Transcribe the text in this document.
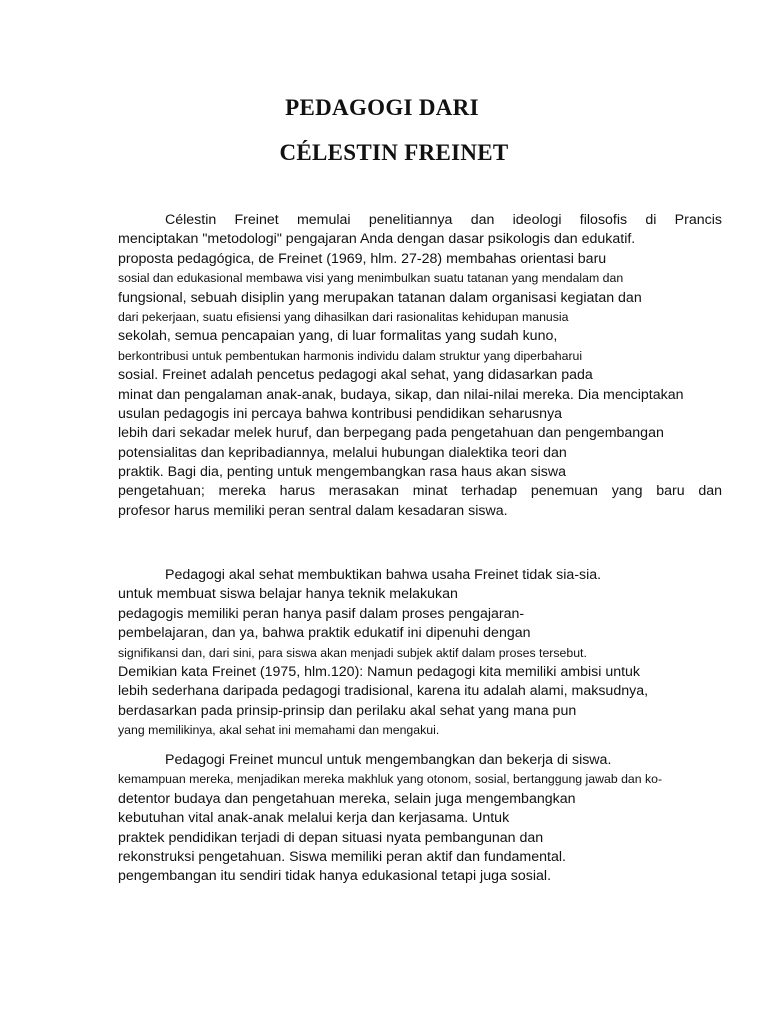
PEDAGOGI DARI
CÉLESTIN FREINET
Célestin Freinet memulai penelitiannya dan ideologi filosofis di Prancis
menciptakan "metodologi" pengajaran Anda dengan dasar psikologis dan edukatif.
proposta pedagógica, de Freinet (1969, hlm. 27-28) membahas orientasi baru
sosial dan edukasional membawa visi yang menimbulkan suatu tatanan yang mendalam dan
fungsional, sebuah disiplin yang merupakan tatanan dalam organisasi kegiatan dan
dari pekerjaan, suatu efisiensi yang dihasilkan dari rasionalitas kehidupan manusia
sekolah, semua pencapaian yang, di luar formalitas yang sudah kuno,
berkontribusi untuk pembentukan harmonis individu dalam struktur yang diperbaharui
sosial. Freinet adalah pencetus pedagogi akal sehat, yang didasarkan pada
minat dan pengalaman anak-anak, budaya, sikap, dan nilai-nilai mereka. Dia menciptakan
usulan pedagogis ini percaya bahwa kontribusi pendidikan seharusnya
lebih dari sekadar melek huruf, dan berpegang pada pengetahuan dan pengembangan
potensialitas dan kepribadiannya, melalui hubungan dialektika teori dan
praktik. Bagi dia, penting untuk mengembangkan rasa haus akan siswa
pengetahuan; mereka harus merasakan minat terhadap penemuan yang baru dan
profesor harus memiliki peran sentral dalam kesadaran siswa.
Pedagogi akal sehat membuktikan bahwa usaha Freinet tidak sia-sia.
untuk membuat siswa belajar hanya teknik melakukan
pedagogis memiliki peran hanya pasif dalam proses pengajaran-
pembelajaran, dan ya, bahwa praktik edukatif ini dipenuhi dengan
signifikansi dan, dari sini, para siswa akan menjadi subjek aktif dalam proses tersebut.
Demikian kata Freinet (1975, hlm.120): Namun pedagogi kita memiliki ambisi untuk
lebih sederhana daripada pedagogi tradisional, karena itu adalah alami, maksudnya,
berdasarkan pada prinsip-prinsip dan perilaku akal sehat yang mana pun
yang memilikinya, akal sehat ini memahami dan mengakui.
Pedagogi Freinet muncul untuk mengembangkan dan bekerja di siswa.
kemampuan mereka, menjadikan mereka makhluk yang otonom, sosial, bertanggung jawab dan ko-
detentor budaya dan pengetahuan mereka, selain juga mengembangkan
kebutuhan vital anak-anak melalui kerja dan kerjasama. Untuk
praktek pendidikan terjadi di depan situasi nyata pembangunan dan
rekonstruksi pengetahuan. Siswa memiliki peran aktif dan fundamental.
pengembangan itu sendiri tidak hanya edukasional tetapi juga sosial.
